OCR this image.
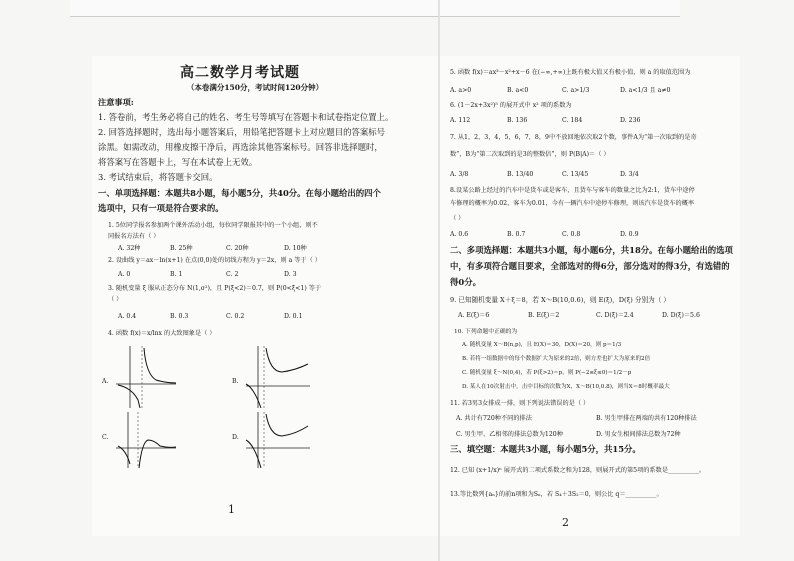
高二数学月考试题
（本卷满分150分，考试时间120分钟）
注意事项:
1. 答卷前，考生务必将自己的姓名、考生号等填写在答题卡和试卷指定位置上。
2. 回答选择题时，选出每小题答案后，用铅笔把答题卡上对应题目的答案标号
涂黑。如需改动，用橡皮擦干净后，再选涂其他答案标号。回答非选择题时，
将答案写在答题卡上，写在本试卷上无效。
3. 考试结束后，将答题卡交回。
一、单项选择题：本题共8小题，每小题5分，共40分。在每小题给出的四个
选项中，只有一项是符合要求的。
1. 5位同学报名参加两个课外活动小组，每位同学限报其中的一个小组，则不
同报名方法有（ ）
A. 32种	B. 25种	C. 20种	D. 10种
2. 设曲线 y＝ax－ln(x+1) 在点(0,0)处的切线方程为 y＝2x，则 a 等于（ ）
A. 0	B. 1	C. 2	D. 3
3. 随机变量 ξ 服从正态分布 N(1,σ²)，且 P(ξ<2)＝0.7，则 P(0<ξ<1) 等于
（ ）
A. 0.4	B. 0.3	C. 0.2	D. 0.1
4. 函数 f(x)＝x/lnx 的大致图象是（ ）
A.	B.
C.	D.
1
5. 函数 f(x)＝ax³－x²+x－6 在(−∞,+∞)上既有极大值又有极小值，则 a 的取值范围为
A. a>0	B. a<0	C. a>1/3	D. a<1/3 且 a≠0
6. (1－2x+3x²)⁵ 的展开式中 x² 项的系数为
A. 112	B. 136	C. 184	D. 236
7. 从1，2，3，4，5，6，7，8，9中不放回地依次取2个数，事件A为“第一次取到的是奇
数”，B为“第二次取到的是3的整数倍”，则 P(B|A)＝（ ）
A. 3/8	B. 13/40	C. 13/45	D. 3/4
8.设某公路上经过的汽车中是货车或是客车，且货车与客车的数量之比为2:1，货车中途停
车修理的概率为0.02，客车为0.01，今有一辆汽车中途停车修理，则该汽车是货车的概率
（ ）
A. 0.6	B. 0.7	C. 0.8	D. 0.9
二、多项选择题：本题共3小题，每小题6分，共18分。在每小题给出的选项
中，有多项符合题目要求，全部选对的得6分，部分选对的得3分，有选错的
得0分。
9. 已知随机变量 X＋ξ＝8，若 X～B(10,0.6)，则 E(ξ)，D(ξ) 分别为（ ）
A. E(ξ)＝6	B. E(ξ)＝2	C. D(ξ)＝2.4	D. D(ξ)＝5.6
10. 下列命题中正确的为
A. 随机变量 X～B(n,p)，且 E(X)＝30，D(X)＝20，则 p＝1/3
B. 若将一组数据中的每个数据扩大为原来的2倍，则方差也扩大为原来的2倍
C. 随机变量 ξ～N(0,4)，若 P(ξ>2)＝p，则 P(−2≤ξ≤0)＝1/2－p
D. 某人在10次射击中，击中目标的次数为X，X～B(10,0.8)，则当X＝8时概率最大
11. 若3男3女排成一排，则下列说法错误的是（ ）
A. 共计有720种不同的排法	B. 男生甲排在两端的共有120种排法
C. 男生甲、乙相邻的排法总数为120种	D. 男女生相间排法总数为72种
三、填空题：本题共3小题，每小题5分，共15分。
12. 已知 (x+1/x)ⁿ 展开式的二项式系数之和为128，则展开式的第5项的系数是__________。
13.等比数列{aₙ}的前n项和为Sₙ，若 S₄＋3S₂＝0，则公比 q＝__________。
2
